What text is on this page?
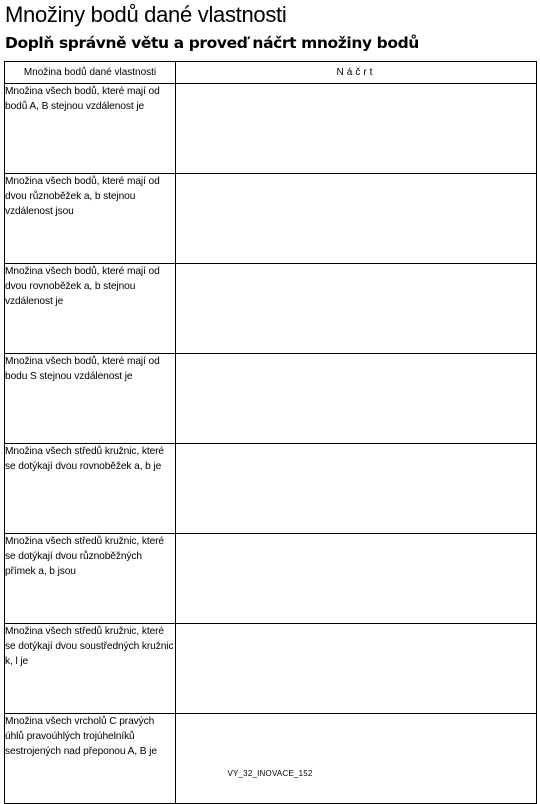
Množiny bodů dané vlastnosti
Doplň správně větu a proveď náčrt množiny bodů
Množina bodů dané vlastnosti	Náčrt
Množina všech bodů, které mají od bodů A, B stejnou vzdálenost je	
Množina všech bodů, které mají od dvou různoběžek a, b stejnou vzdálenost jsou	
Množina všech bodů, které mají od dvou rovnoběžek a, b stejnou vzdálenost je	
Množina všech bodů, které mají od bodu S stejnou vzdálenost je	
Množina všech středů kružnic, které se dotýkají dvou rovnoběžek a, b je	
Množina všech středů kružnic, které se dotýkají dvou různoběžných přímek a, b jsou	
Množina všech středů kružnic, které se dotýkají dvou soustředných kružnic k, l je	
Množina všech vrcholů C pravých úhlů pravoúhlých trojúhelníků sestrojených nad přeponou A, B je	
VY_32_INOVACE_152
